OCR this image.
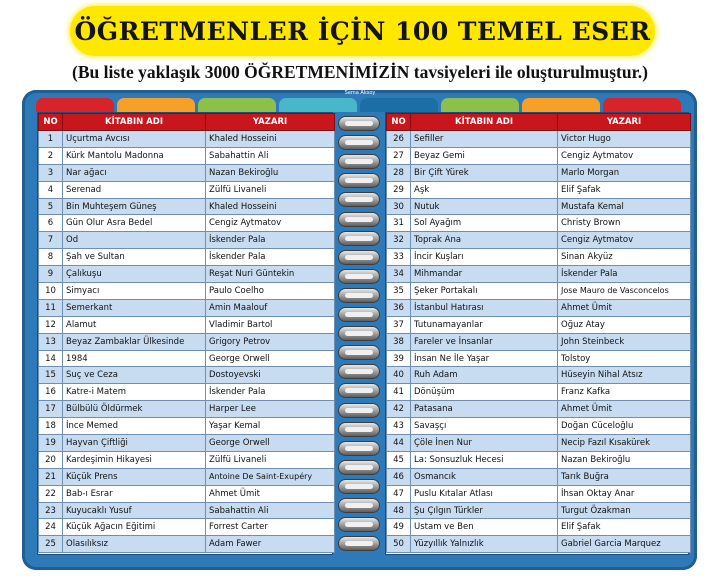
ÖĞRETMENLER İÇİN 100 TEMEL ESER
(Bu liste yaklaşık 3000 ÖĞRETMENİMİZİN tavsiyeleri ile oluşturulmuştur.)
Sema Aksoy
NO	KİTABIN ADI	YAZARI
1	Uçurtma Avcısı	Khaled Hosseini
2	Kürk Mantolu Madonna	Sabahattin Ali
3	Nar ağacı	Nazan Bekiroğlu
4	Serenad	Zülfü Livaneli
5	Bin Muhteşem Güneş	Khaled Hosseini
6	Gün Olur Asra Bedel	Cengiz Aytmatov
7	Od	İskender Pala
8	Şah ve Sultan	İskender Pala
9	Çalıkuşu	Reşat Nuri Güntekin
10	Simyacı	Paulo Coelho
11	Semerkant	Amin Maalouf
12	Alamut	Vladimir Bartol
13	Beyaz Zambaklar Ülkesinde	Grigory Petrov
14	1984	George Orwell
15	Suç ve Ceza	Dostoyevski
16	Katre-i Matem	İskender Pala
17	Bülbülü Öldürmek	Harper Lee
18	İnce Memed	Yaşar Kemal
19	Hayvan Çiftliği	George Orwell
20	Kardeşimin Hikayesi	Zülfü Livaneli
21	Küçük Prens	Antoine De Saint-Exupéry
22	Bab-ı Esrar	Ahmet Ümit
23	Kuyucaklı Yusuf	Sabahattin Ali
24	Küçük Ağacın Eğitimi	Forrest Carter
25	Olasılıksız	Adam Fawer
NO	KİTABIN ADI	YAZARI
26	Sefiller	Victor Hugo
27	Beyaz Gemi	Cengiz Aytmatov
28	Bir Çift Yürek	Marlo Morgan
29	Aşk	Elif Şafak
30	Nutuk	Mustafa Kemal
31	Sol Ayağım	Christy Brown
32	Toprak Ana	Cengiz Aytmatov
33	İncir Kuşları	Sinan Akyüz
34	Mihmandar	İskender Pala
35	Şeker Portakalı	Jose Mauro de Vasconcelos
36	İstanbul Hatırası	Ahmet Ümit
37	Tutunamayanlar	Oğuz Atay
38	Fareler ve İnsanlar	John Steinbeck
39	İnsan Ne İle Yaşar	Tolstoy
40	Ruh Adam	Hüseyin Nihal Atsız
41	Dönüşüm	Franz Kafka
42	Patasana	Ahmet Ümit
43	Savaşçı	Doğan Cüceloğlu
44	Çöle İnen Nur	Necip Fazıl Kısakürek
45	La: Sonsuzluk Hecesi	Nazan Bekiroğlu
46	Osmancık	Tarık Buğra
47	Puslu Kıtalar Atlası	İhsan Oktay Anar
48	Şu Çılgın Türkler	Turgut Özakman
49	Ustam ve Ben	Elif Şafak
50	Yüzyıllık Yalnızlık	Gabriel Garcia Marquez
